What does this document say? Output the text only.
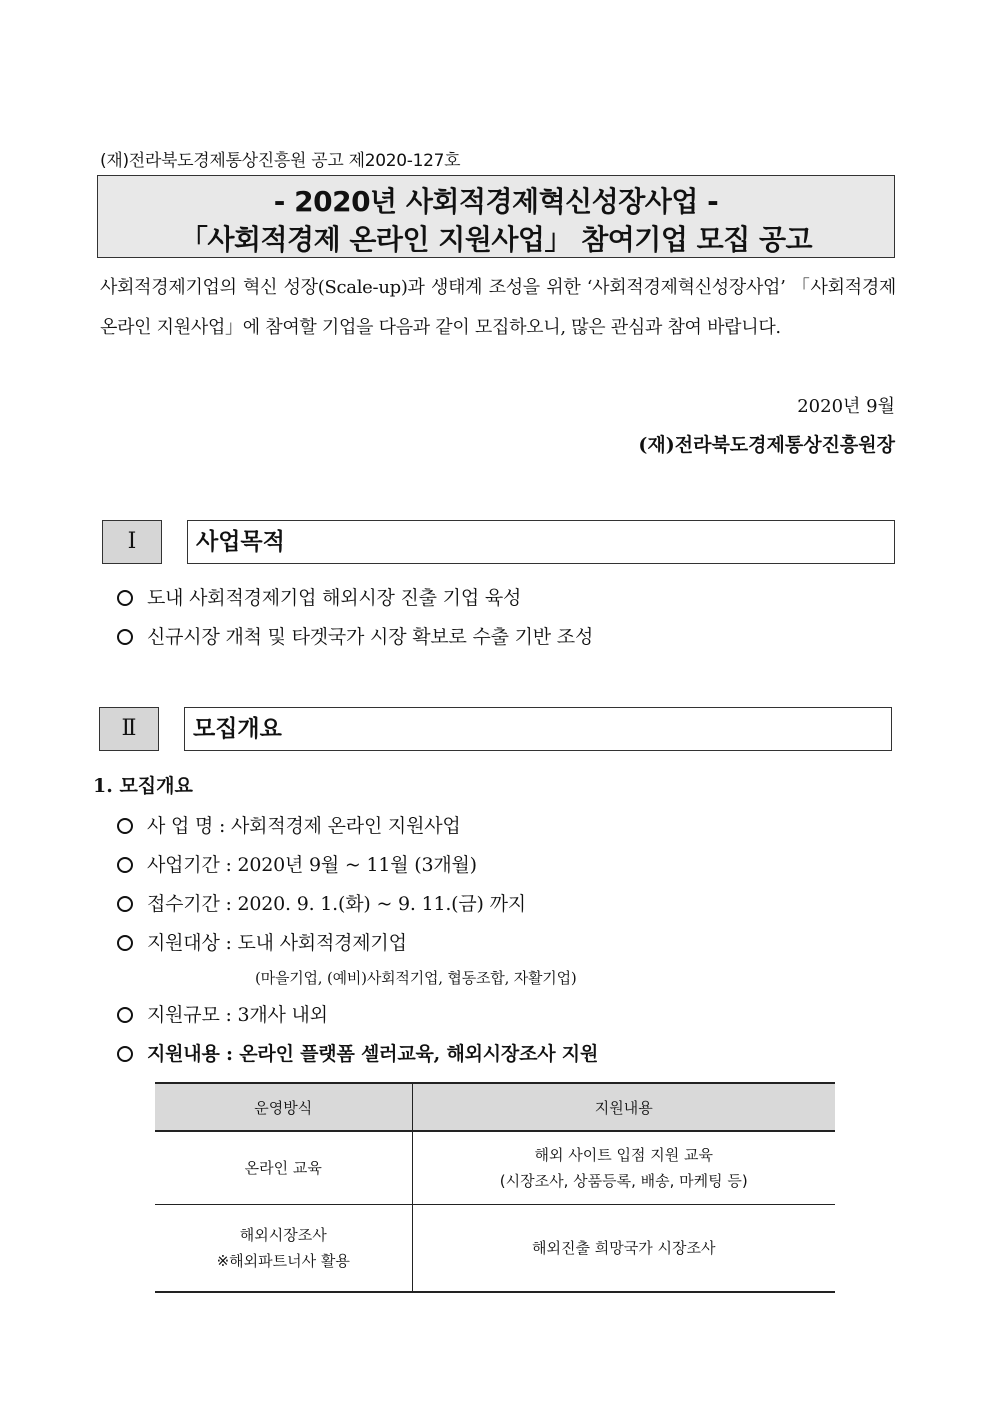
(재)전라북도경제통상진흥원 공고 제2020-127호
- 2020년 사회적경제혁신성장사업 -
「사회적경제 온라인 지원사업」 참여기업 모집 공고
사회적경제기업의 혁신 성장(Scale-up)과 생태계 조성을 위한 ‘사회적경제혁신성장사업’ 「사회적경제 온라인 지원사업」에 참여할 기업을 다음과 같이 모집하오니, 많은 관심과 참여 바랍니다.
2020년 9월
(재)전라북도경제통상진흥원장
Ⅰ	사업목적
도내 사회적경제기업 해외시장 진출 기업 육성
신규시장 개척 및 타겟국가 시장 확보로 수출 기반 조성
Ⅱ	모집개요
1. 모집개요
사 업 명 : 사회적경제 온라인 지원사업
사업기간 : 2020년 9월 ~ 11월 (3개월)
접수기간 : 2020. 9. 1.(화) ~ 9. 11.(금) 까지
지원대상 : 도내 사회적경제기업
(마을기업, (예비)사회적기업, 협동조합, 자활기업)
지원규모 : 3개사 내외
지원내용 : 온라인 플랫폼 셀러교육, 해외시장조사 지원
운영방식	지원내용

온라인 교육	해외 사이트 입점 지원 교육
(시장조사, 상품등록, 배송, 마케팅 등)

해외시장조사
※해외파트너사 활용	해외진출 희망국가 시장조사
